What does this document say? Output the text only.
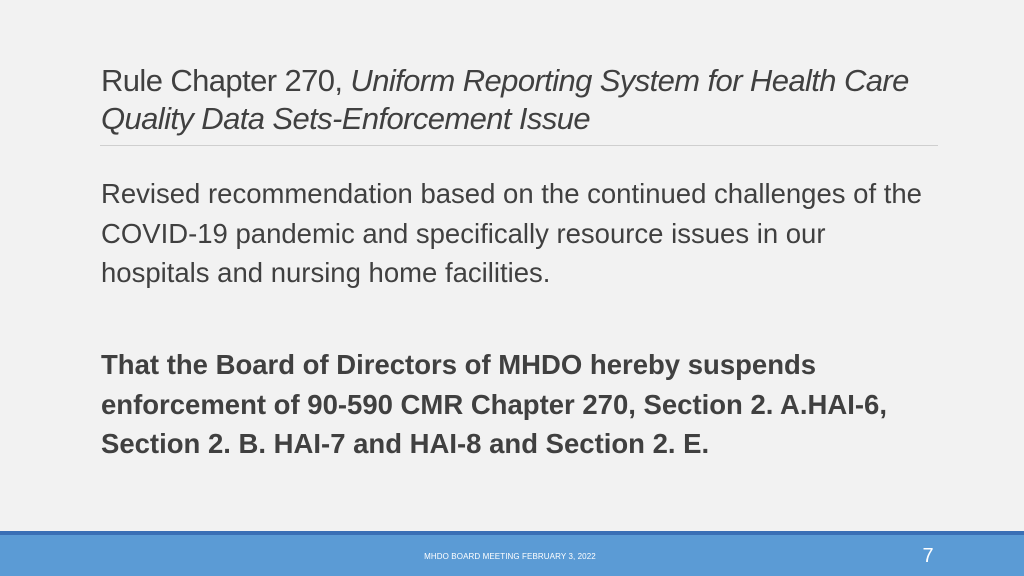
Rule Chapter 270, Uniform Reporting System for Health Care Quality Data Sets-Enforcement Issue

Revised recommendation based on the continued challenges of the COVID-19 pandemic and specifically resource issues in our hospitals and nursing home facilities.

That the Board of Directors of MHDO hereby suspends enforcement of 90-590 CMR Chapter 270, Section 2. A.HAI-6, Section 2. B. HAI-7 and HAI-8 and Section 2. E.

MHDO BOARD MEETING FEBRUARY 3, 2022	7
